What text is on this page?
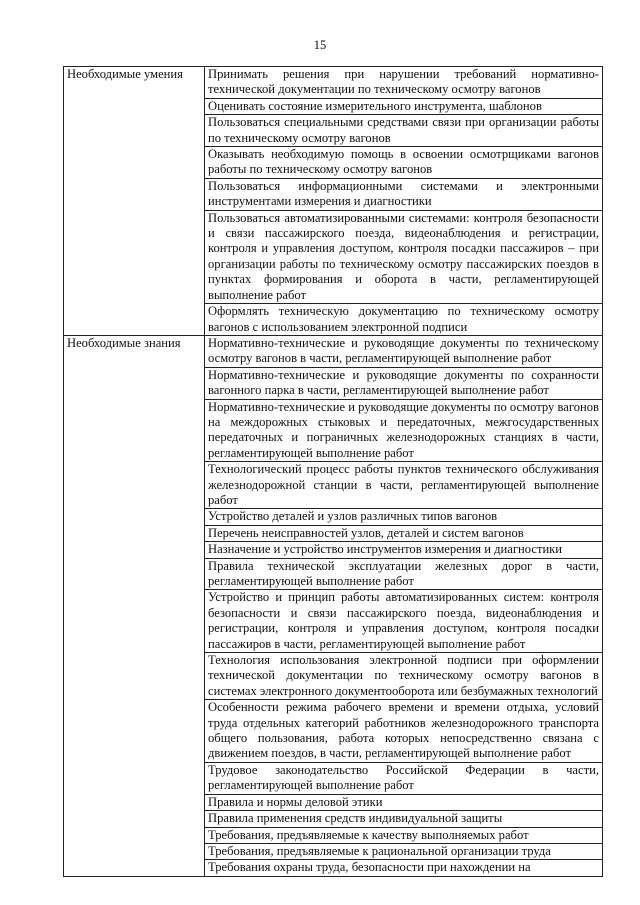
15
Необходимые умения	Принимать решения при нарушении требований нормативно-технической документации по техническому осмотру вагонов
	Оценивать состояние измерительного инструмента, шаблонов
	Пользоваться специальными средствами связи при организации работы по техническому осмотру вагонов
	Оказывать необходимую помощь в освоении осмотрщиками вагонов работы по техническому осмотру вагонов
	Пользоваться информационными системами и электронными инструментами измерения и диагностики
	Пользоваться автоматизированными системами: контроля безопасности и связи пассажирского поезда, видеонаблюдения и регистрации, контроля и управления доступом, контроля посадки пассажиров – при организации работы по техническому осмотру пассажирских поездов в пунктах формирования и оборота в части, регламентирующей выполнение работ
	Оформлять техническую документацию по техническому осмотру вагонов с использованием электронной подписи
Необходимые знания	Нормативно-технические и руководящие документы по техническому осмотру вагонов в части, регламентирующей выполнение работ
	Нормативно-технические и руководящие документы по сохранности вагонного парка в части, регламентирующей выполнение работ
	Нормативно-технические и руководящие документы по осмотру вагонов на междорожных стыковых и передаточных, межгосударственных передаточных и пограничных железнодорожных станциях в части, регламентирующей выполнение работ
	Технологический процесс работы пунктов технического обслуживания железнодорожной станции в части, регламентирующей выполнение работ
	Устройство деталей и узлов различных типов вагонов
	Перечень неисправностей узлов, деталей и систем вагонов
	Назначение и устройство инструментов измерения и диагностики
	Правила технической эксплуатации железных дорог в части, регламентирующей выполнение работ
	Устройство и принцип работы автоматизированных систем: контроля безопасности и связи пассажирского поезда, видеонаблюдения и регистрации, контроля и управления доступом, контроля посадки пассажиров в части, регламентирующей выполнение работ
	Технология использования электронной подписи при оформлении технической документации по техническому осмотру вагонов в системах электронного документооборота или безбумажных технологий
	Особенности режима рабочего времени и времени отдыха, условий труда отдельных категорий работников железнодорожного транспорта общего пользования, работа которых непосредственно связана с движением поездов, в части, регламентирующей выполнение работ
	Трудовое законодательство Российской Федерации в части, регламентирующей выполнение работ
	Правила и нормы деловой этики
	Правила применения средств индивидуальной защиты
	Требования, предъявляемые к качеству выполняемых работ
	Требования, предъявляемые к рациональной организации труда
	Требования охраны труда, безопасности при нахождении на
